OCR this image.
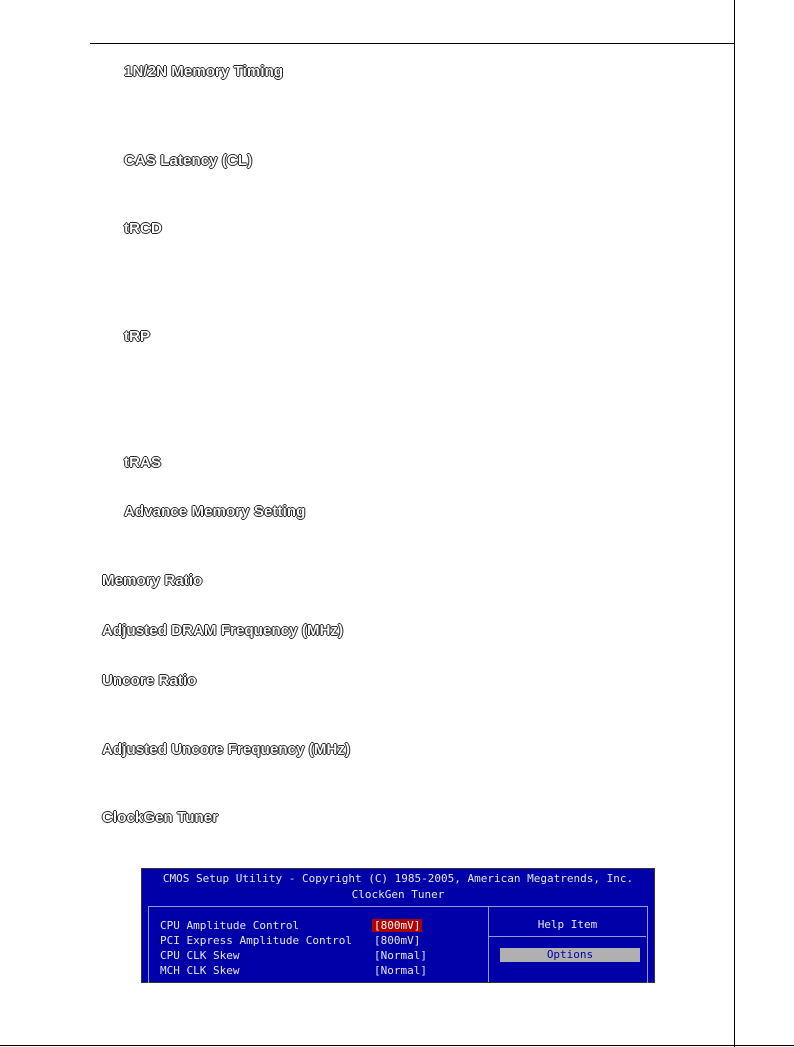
1N/2N Memory Timing
CAS Latency (CL)
tRCD
tRP
tRAS
Advance Memory Setting
Memory Ratio
Adjusted DRAM Frequency (MHz)
Uncore Ratio
Adjusted Uncore Frequency (MHz)
ClockGen Tuner
CMOS Setup Utility - Copyright (C) 1985-2005, American Megatrends, Inc.
ClockGen Tuner
CPU Amplitude Control	[800mV]
PCI Express Amplitude Control [800mV]
CPU CLK Skew	[Normal]
MCH CLK Skew	[Normal]
Help Item
Options
